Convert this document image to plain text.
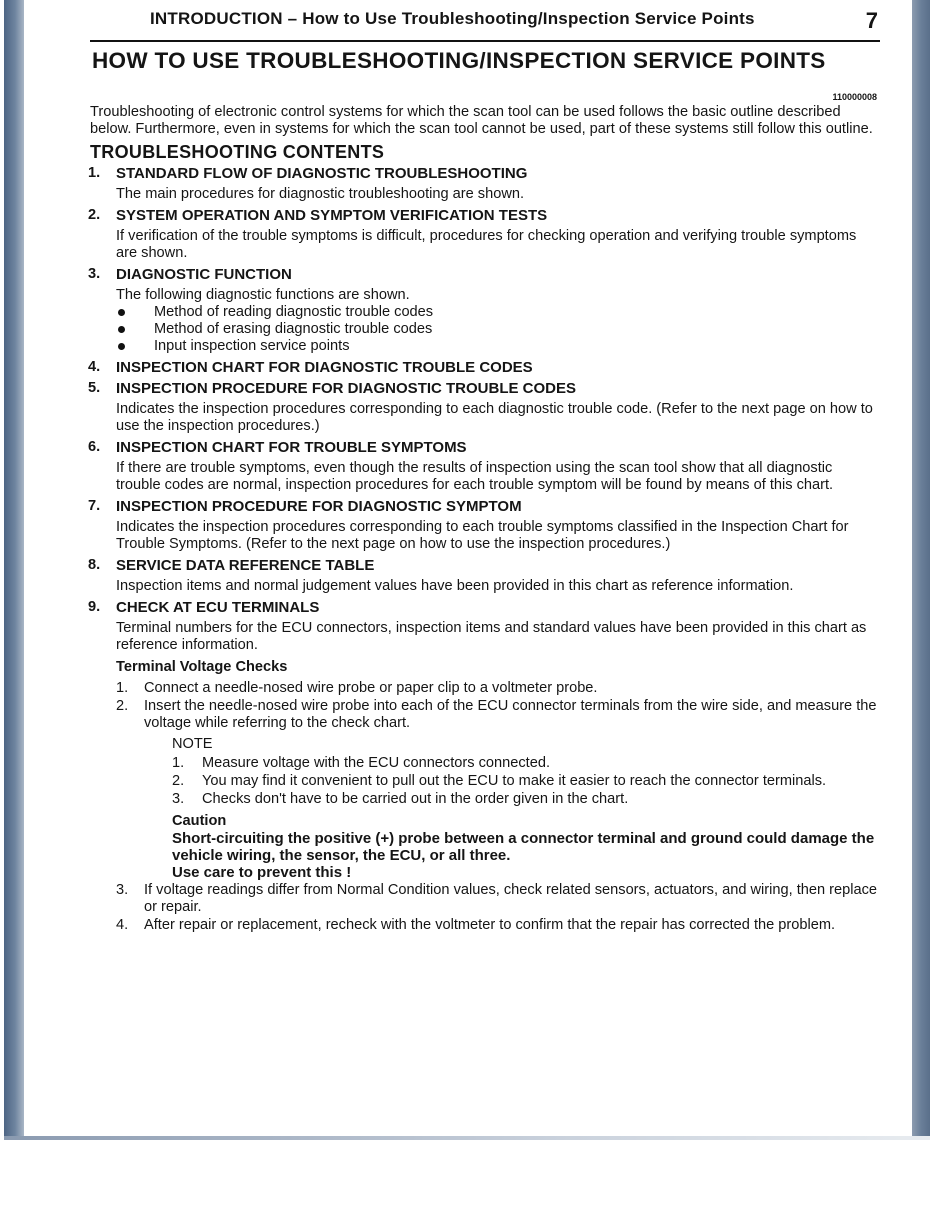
INTRODUCTION – How to Use Troubleshooting/Inspection Service Points	7
HOW TO USE TROUBLESHOOTING/INSPECTION SERVICE POINTS
110000008

Troubleshooting of electronic control systems for which the scan tool can be used follows the basic outline described below. Furthermore, even in systems for which the scan tool cannot be used, part of these systems still follow this outline.

TROUBLESHOOTING CONTENTS
1. STANDARD FLOW OF DIAGNOSTIC TROUBLESHOOTING
The main procedures for diagnostic troubleshooting are shown.
2. SYSTEM OPERATION AND SYMPTOM VERIFICATION TESTS
If verification of the trouble symptoms is difficult, procedures for checking operation and verifying trouble symptoms are shown.
3. DIAGNOSTIC FUNCTION
The following diagnostic functions are shown.
Method of reading diagnostic trouble codes
Method of erasing diagnostic trouble codes
Input inspection service points
4. INSPECTION CHART FOR DIAGNOSTIC TROUBLE CODES
5. INSPECTION PROCEDURE FOR DIAGNOSTIC TROUBLE CODES
Indicates the inspection procedures corresponding to each diagnostic trouble code. (Refer to the next page on how to use the inspection procedures.)
6. INSPECTION CHART FOR TROUBLE SYMPTOMS
If there are trouble symptoms, even though the results of inspection using the scan tool show that all diagnostic trouble codes are normal, inspection procedures for each trouble symptom will be found by means of this chart.
7. INSPECTION PROCEDURE FOR DIAGNOSTIC SYMPTOM
Indicates the inspection procedures corresponding to each trouble symptoms classified in the Inspection Chart for Trouble Symptoms. (Refer to the next page on how to use the inspection procedures.)
8. SERVICE DATA REFERENCE TABLE
Inspection items and normal judgement values have been provided in this chart as reference information.
9. CHECK AT ECU TERMINALS
Terminal numbers for the ECU connectors, inspection items and standard values have been provided in this chart as reference information.
Terminal Voltage Checks
1. Connect a needle-nosed wire probe or paper clip to a voltmeter probe.
2. Insert the needle-nosed wire probe into each of the ECU connector terminals from the wire side, and measure the voltage while referring to the check chart.
NOTE
1. Measure voltage with the ECU connectors connected.
2. You may find it convenient to pull out the ECU to make it easier to reach the connector terminals.
3. Checks don't have to be carried out in the order given in the chart.
Caution
Short-circuiting the positive (+) probe between a connector terminal and ground could damage the vehicle wiring, the sensor, the ECU, or all three.
Use care to prevent this !
3. If voltage readings differ from Normal Condition values, check related sensors, actuators, and wiring, then replace or repair.
4. After repair or replacement, recheck with the voltmeter to confirm that the repair has corrected the problem.
